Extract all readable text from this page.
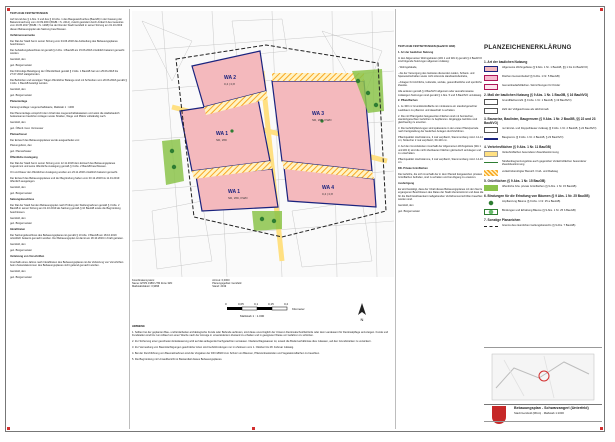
TEXTLICHE FESTSETZUNGEN

Auf Grund des § 1 Abs. 3 und des § 10 Abs. 1 des Baugesetzbuches (BauGB) in der Fassung der Bekanntmachung vom 23.09.2004 (BGBl. I S. 2414), zuletzt geändert durch Artikel 6 des Gesetzes vom 29.05.2017 (BGBl. I S. 1298) hat der Rat der Stadt Gersfeld in seiner Sitzung am 01.10.2019 diesen Bebauungsplan als Satzung beschlossen.

Verfahrensvermerke

Der Rat der Stadt hat in seiner Sitzung vom 04.06.2018 die Aufstellung des Bebauungsplanes beschlossen.

Der Aufstellungsbeschluss ist gemäß § 2 Abs. 1 BauGB am 15.06.2018 ortsüblich bekannt gemacht worden.

Gersfeld, den

gez. Bürgermeister

Die frühzeitige Beteiligung der Öffentlichkeit gemäß § 3 Abs. 1 BauGB hat vom 25.06.2018 bis 27.07.2018 stattgefunden.

Die Behörden und sonstigen Träger öffentlicher Belange sind mit Schreiben vom 20.06.2018 gemäß § 4 Abs. 1 BauGB beteiligt worden.

Gersfeld, den

gez. Bürgermeister

Planunterlage

Kartengrundlage: Liegenschaftskarte, Maßstab 1 : 1000

Die Planunterlage entspricht dem Inhalt des Liegenschaftskatasters und weist die städtebaulich bedeutsamen baulichen Anlagen sowie Straßen, Wege und Plätze vollständig nach.

Gersfeld, den

gez. Öffentl. best. Vermesser

Planverfasser

Der Entwurf des Bebauungsplanes wurde ausgearbeitet von:

Planungsbüro, den

gez. Planverfasser

Öffentliche Auslegung

Der Rat der Stadt hat in seiner Sitzung vom 12.11.2018 dem Entwurf des Bebauungsplanes zugestimmt und seine öffentliche Auslegung gemäß § 3 Abs. 2 BauGB beschlossen.

Ort und Dauer der öffentlichen Auslegung wurden am 23.11.2018 ortsüblich bekannt gemacht.

Der Entwurf des Bebauungsplanes und der Begründung haben vom 03.12.2018 bis 11.01.2019 öffentlich ausgelegen.

Gersfeld, den

gez. Bürgermeister

Satzungsbeschluss

Der Rat der Stadt hat den Bebauungsplan nach Prüfung der Stellungnahmen gemäß § 3 Abs. 2 BauGB in seiner Sitzung am 01.10.2019 als Satzung gemäß § 10 BauGB sowie die Begründung beschlossen.

Gersfeld, den

gez. Bürgermeister

Inkrafttreten

Der Satzungsbeschluss des Bebauungsplanes ist gemäß § 10 Abs. 3 BauGB am 18.10.2019 ortsüblich bekannt gemacht worden. Der Bebauungsplan ist damit am 18.10.2019 in Kraft getreten.

Gersfeld, den

gez. Bürgermeister

Verletzung von Vorschriften

Innerhalb eines Jahres nach Inkrafttreten des Bebauungsplanes ist die Verletzung von Vorschriften beim Zustandekommen des Bebauungsplanes nicht geltend gemacht worden.

Gersfeld, den

gez. Bürgermeister

WA 2
WA 1
WA 3
WA 4
WA 1
0,4 | 0,8
SD, WD
SD, WD, KWD
0,4 | 0,8
SD, WD, KWD
Koordinatensystem:
Name: ETRS 1989 UTM Zone 32N
Maßstabsfaktor: 0,9996
Azimut: 0,0000
Planungsgebiet: Gersfeld
Stand: 2019
0	0,05	0,1	0,15	0,2
Kilometer
Maßstab 1 : 1.000
N

HINWEISE

1. Sollten bei der geplanten Bau- und Erdarbeiten archäologische Funde oder Befunde auftreten, sind diese unverzüglich der Unteren Denkmalschutzbehörde oder dem Landesamt für Denkmalpflege anzuzeigen. Funde und Fundstellen sind bis zum Ablauf von einer Woche nach der Anzeige in unverändertem Zustand zu erhalten und in geeigneter Weise vor Gefahren zu schützen.

2. Zur Sicherung einer geordneten Entwässerung wird auf das anliegende Fachgutachten verwiesen. Niederschlagswasser ist, soweit die Bodenverhältnisse dies zulassen, auf den Grundstücken zu versickern.

3. Zur Vermeidung von Beeinträchtigungen geschützter Arten sind Gehölzrodungen nur im Zeitraum vom 1. Oktober bis 28. Februar zulässig.

4. Bei der Durchführung von Baumaßnahmen sind die Vorgaben der DIN 18920 zum Schutz von Bäumen, Pflanzenbeständen und Vegetationsflächen zu beachten.

5. Die Begründung mit Umweltbericht ist Bestandteil dieses Bebauungsplanes.

TEXTLICHE FESTSETZUNGEN (BauNVO 1990)

1. Art der baulichen Nutzung

In den Allgemeinen Wohngebieten (WA 1 und WA 2) gemäß § 4 BauNVO sind folgende Nutzungen allgemein zulässig:

- Wohngebäude,

- die der Versorgung des Gebietes dienenden Läden, Schank- und Speisewirtschaften sowie nicht störende Handwerksbetriebe,

- Anlagen für kirchliche, kulturelle, soziale, gesundheitliche und sportliche Zwecke.

Alle anderen gemäß § 4 BauNVO allgemein oder ausnahmsweise zulässigen Nutzungen sind gemäß § 1 Abs. 5 und 6 BauNVO unzulässig.

2. Pflanzflächen

1. Je 300 m² Grundstücksfläche ist mindestens ein standortgerechter Laubbaum zu pflanzen und dauerhaft zu erhalten.

2. Die mit Pflanzgebot festgesetzten Flächen sind mit heimischen, standortgerechten Gehölzen zu bepflanzen. Abgängige Gehölze sind gleichwertig zu ersetzen.

3. Die Gehölzpflanzungen sind spätestens in der ersten Pflanzperiode nach Fertigstellung der baulichen Anlagen durchzuführen.

Pflanzqualität: Hochstämme, 3 mal verpflanzt, Stammumfang mind. 12-14 cm; Sträucher 2 mal verpflanzt, 60-100 cm.

3. Auf den Grundstücken innerhalb der Allgemeinen Wohngebiete (WA 1 und WA 2) sind die nicht überbauten Flächen gärtnerisch anzulegen und zu unterhalten.

Pflanzqualität: Hochstämme, 3 mal verpflanzt, Stammumfang mind. 14-16 cm

DD. Private Grünflächen

Die Gehölze, die sich innerhalb der in dem Planteil festgesetzten privaten Grünflächen befinden, sind zu erhalten und bei Abgang zu ersetzen.

Ausfertigung

Es wird bestätigt, dass der Inhalt dieses Bebauungsplanes mit den hierzu ergangenen Beschlüssen des Rates der Stadt übereinstimmt und dass die für die Rechtswirksamkeit maßgebenden Verfahrensvorschriften beachtet worden sind.

Gersfeld, den

gez. Bürgermeister

PLANZEICHENERKLÄRUNG
1. Art der baulichen Nutzung
Allgemeine Wohngebiete (§ 9 Abs. 1 Nr. 1 BauGB, §§ 1 bis 11 BauNVO)
Flächen Gemeinbedarf (§ 9 Abs. 1 Nr. 5 BauGB)
Gemeinbedarfsflächen / Einrichtungen für Kinder
2. Maß der baulichen Nutzung (§ 9 Abs. 1 Nr. 1 BauGB, § 16 BauNVO)
Grundflächenzahl (§ 9 Abs. 1 Nr. 1 BauGB, § 19 BauNVO)
Zahl der Vollgeschosse als Höchstmaß
3. Bauweise, Baulinien, Baugrenzen (§ 9 Abs. 1 Nr. 2 BauGB, §§ 22 und 23 BauNVO)
nur Einzel- und Doppelhäuser zulässig (§ 9 Abs. 1 Nr. 2 BauGB, § 22 BauNVO)
Baugrenze (§ 9 Abs. 1 Nr. 2 BauGB, § 23 BauNVO)
4. Verkehrsflächen (§ 9 Abs. 1 Nr. 11 BauGB)
Verkehrsflächen besonderer Zweckbestimmung
Straßenbegrenzungslinie auch gegenüber Verkehrsflächen besonderer Zweckbestimmung
verkehrsberuhigter Bereich / Fuß- und Radweg
5. Grünflächen (§ 9 Abs. 1 Nr. 15 BauGB)
öffentliche bzw. private Grünflächen (§ 9 Abs. 1 Nr. 15 BauGB)
6. Bindungen für die Erhaltung von Bäumen (§ 9 Abs. 1 Nr. 25 BauGB)
Anpflanzung Bäume (§ 9 Abs. 1 Nr. 25 a BauGB)
Bindungen und Erhaltung Bäume (§ 9 Abs. 1 Nr. 25 b BauGB)
7. Sonstige Planzeichen
Grenze des räumlichen Geltungsbereichs (§ 9 Abs. 7 BauGB)
Bebauungsplan - Schwarzangerl (Unterfeld)
Stadt Gersfeld (Rhön) · Maßstab 1:1000
